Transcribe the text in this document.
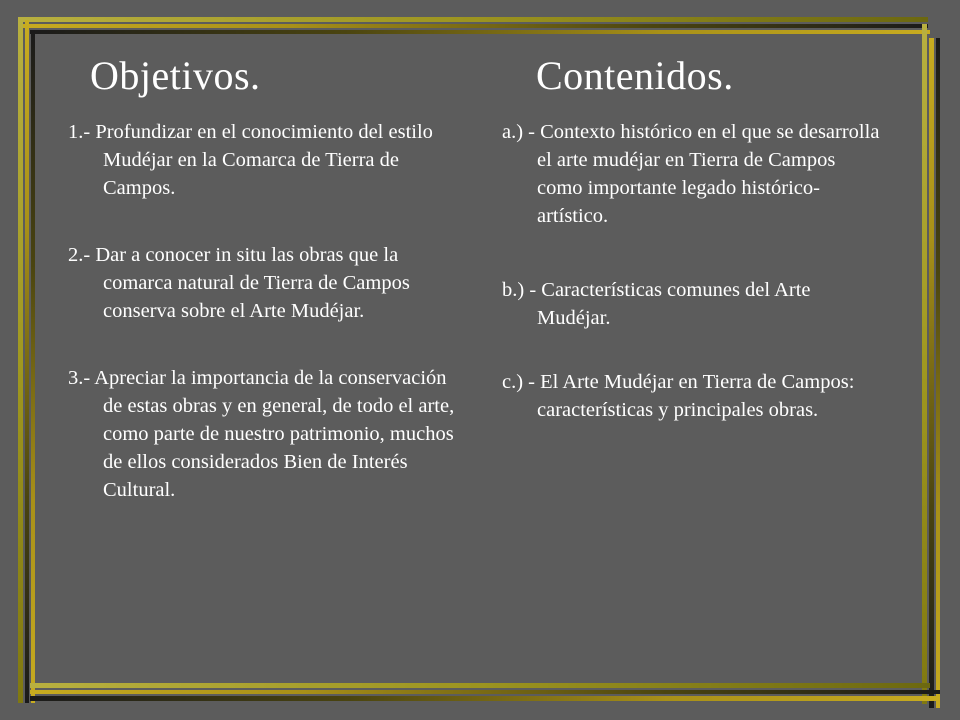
Objetivos.	Contenidos.

1.- Profundizar en el conocimiento del estilo Mudéjar en la Comarca de Tierra de Campos.

2.- Dar a conocer in situ las obras que la comarca natural de Tierra de Campos conserva sobre el Arte Mudéjar.

3.- Apreciar la importancia de la conservación de estas obras y en general, de todo el arte, como parte de nuestro patrimonio, muchos de ellos considerados Bien de Interés Cultural.

a.) - Contexto histórico en el que se desarrolla el arte mudéjar en Tierra de Campos como importante legado histórico-artístico.

b.) - Características comunes del Arte Mudéjar.

c.) - El Arte Mudéjar en Tierra de Campos: características y principales obras.
